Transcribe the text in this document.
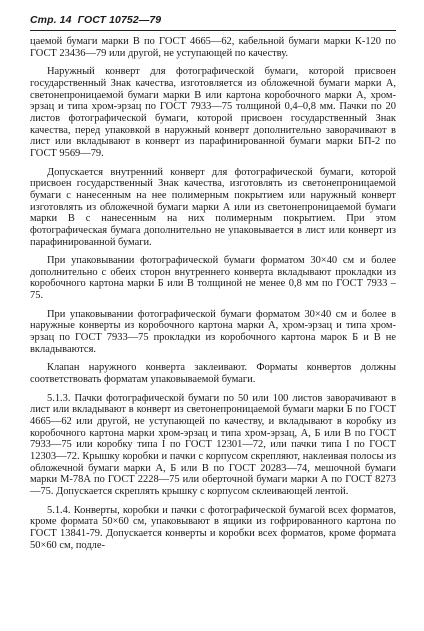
Стр. 14 ГОСТ 10752—79

цаемой бумаги марки В по ГОСТ 4665—62, кабельной бумаги марки К-120 по ГОСТ 23436—79 или другой, не уступающей по качеству.

Наружный конверт для фотографической бумаги, которой присвоен государственный Знак качества, изготовляется из обложечной бумаги марки А, светонепроницаемой бумаги марки В или картона коробочного марки А, хром-эрзац и типа хром-эрзац по ГОСТ 7933—75 толщиной 0,4–0,8 мм. Пачки по 20 листов фотографической бумаги, которой присвоен государственный Знак качества, перед упаковкой в наружный конверт дополнительно заворачивают в лист или вкладывают в конверт из парафинированной бумаги марки БП-2 по ГОСТ 9569—79.

Допускается внутренний конверт для фотографической бумаги, которой присвоен государственный Знак качества, изготовлять из светонепроницаемой бумаги с нанесенным на нее полимерным покрытием или наружный конверт изготовлять из обложечной бумаги марки А или из светонепроницаемой бумаги марки В с нанесенным на них полимерным покрытием. При этом фотографическая бумага дополнительно не упаковывается в лист или конверт из парафинированной бумаги.

При упаковывании фотографической бумаги форматом 30×40 см и более дополнительно с обеих сторон внутреннего конверта вкладывают прокладки из коробочного картона марки Б или В толщиной не менее 0,8 мм по ГОСТ 7933 –75.

При упаковывании фотографической бумаги форматом 30×40 см и более в наружные конверты из коробочного картона марки А, хром-эрзац и типа хром-эрзац по ГОСТ 7933—75 прокладки из коробочного картона марок Б и В не вкладываются.

Клапан наружного конверта заклеивают. Форматы конвертов должны соответствовать форматам упаковываемой бумаги.

5.1.3. Пачки фотографической бумаги по 50 или 100 листов заворачивают в лист или вкладывают в конверт из светонепроницаемой бумаги марки Б по ГОСТ 4665—62 или другой, не уступающей по качеству, и вкладывают в коробку из коробочного картона марки хром-эрзац и типа хром-эрзац, А, Б или В по ГОСТ 7933—75 или коробку типа I по ГОСТ 12301—72, или пачки типа I по ГОСТ 12303—72. Крышку коробки и пачки с корпусом скрепляют, наклеивая полосы из обложечной бумаги марки А, Б или В по ГОСТ 20283—74, мешочной бумаги марки М-78А по ГОСТ 2228—75 или оберточной бумаги марки А по ГОСТ 8273—75. Допускается скреплять крышку с корпусом склеивающей лентой.

5.1.4. Конверты, коробки и пачки с фотографической бумагой всех форматов, кроме формата 50×60 см, упаковывают в ящики из гофрированного картона по ГОСТ 13841-79. Допускается конверты и коробки всех форматов, кроме формата 50×60 см, подле-
